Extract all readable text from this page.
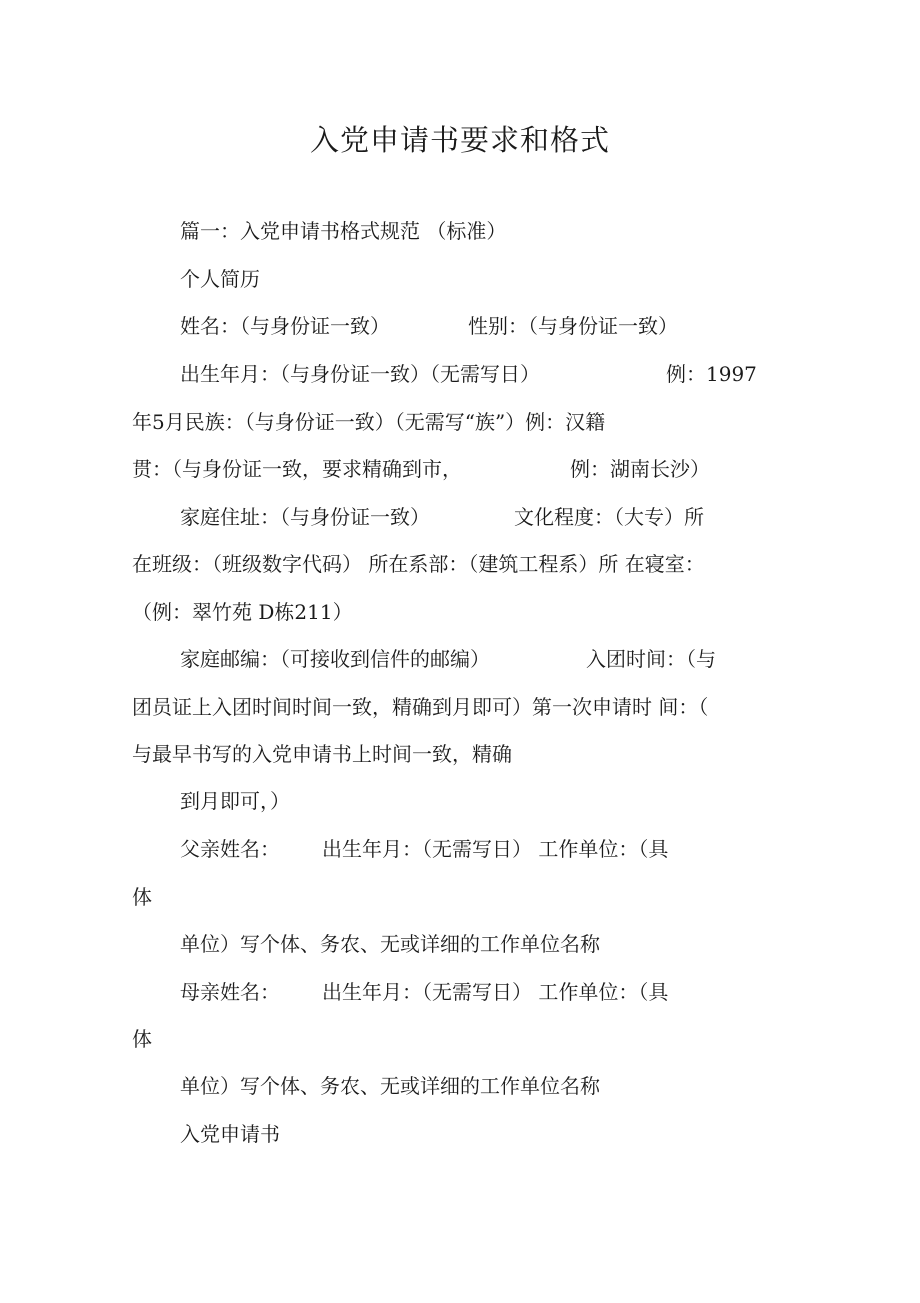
入党申请书要求和格式
篇一：入党申请书格式规范 （标准）
个人简历
姓名：（与身份证一致）	性别：（与身份证一致）
出生年月：（与身份证一致）（无需写日）	例：1997
年5月民族：（与身份证一致）（无需写“族”）例：汉籍
贯：（与身份证一致，要求精确到市，	例：湖南长沙）
家庭住址：（与身份证一致）	文化程度：（大专）所
在班级：（班级数字代码） 所在系部：（建筑工程系）所 在寝室：
（例：翠竹苑 D栋211）
家庭邮编：（可接收到信件的邮编）	入团时间：（与
团员证上入团时间时间一致，精确到月即可）第一次申请时 间：（
与最早书写的入党申请书上时间一致，精确
到月即可，）
父亲姓名： 出生年月：（无需写日） 工作单位：（具
体
单位）写个体、务农、无或详细的工作单位名称
母亲姓名： 出生年月：（无需写日） 工作单位：（具
体
单位）写个体、务农、无或详细的工作单位名称
入党申请书
